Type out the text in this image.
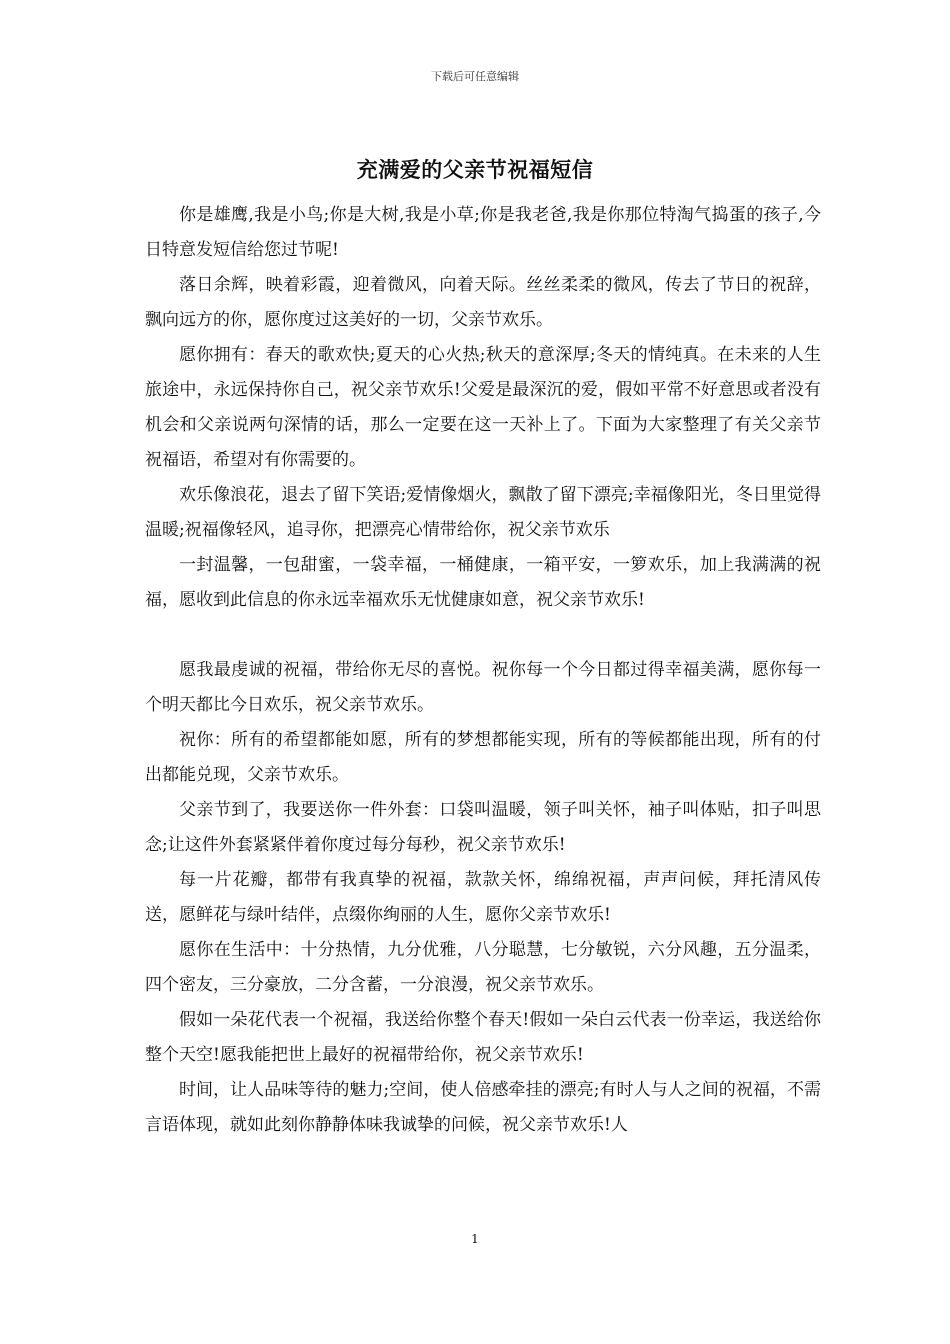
下载后可任意编辑
充满爱的父亲节祝福短信

你是雄鹰,我是小鸟;你是大树,我是小草;你是我老爸,我是你那位特淘气捣蛋的孩子,今日特意发短信给您过节呢!

落日余辉，映着彩霞，迎着微风，向着天际。丝丝柔柔的微风，传去了节日的祝辞，飘向远方的你，愿你度过这美好的一切，父亲节欢乐。

愿你拥有：春天的歌欢快;夏天的心火热;秋天的意深厚;冬天的情纯真。在未来的人生旅途中，永远保持你自己，祝父亲节欢乐!父爱是最深沉的爱，假如平常不好意思或者没有机会和父亲说两句深情的话，那么一定要在这一天补上了。下面为大家整理了有关父亲节祝福语，希望对有你需要的。

欢乐像浪花，退去了留下笑语;爱情像烟火，飘散了留下漂亮;幸福像阳光，冬日里觉得温暖;祝福像轻风，追寻你，把漂亮心情带给你，祝父亲节欢乐

一封温馨，一包甜蜜，一袋幸福，一桶健康，一箱平安，一箩欢乐，加上我满满的祝福，愿收到此信息的你永远幸福欢乐无忧健康如意，祝父亲节欢乐!

愿我最虔诚的祝福，带给你无尽的喜悦。祝你每一个今日都过得幸福美满，愿你每一个明天都比今日欢乐，祝父亲节欢乐。

祝你：所有的希望都能如愿，所有的梦想都能实现，所有的等候都能出现，所有的付出都能兑现，父亲节欢乐。

父亲节到了，我要送你一件外套：口袋叫温暖，领子叫关怀，袖子叫体贴，扣子叫思念;让这件外套紧紧伴着你度过每分每秒，祝父亲节欢乐!

每一片花瓣，都带有我真挚的祝福，款款关怀，绵绵祝福，声声问候，拜托清风传送，愿鲜花与绿叶结伴，点缀你绚丽的人生，愿你父亲节欢乐!

愿你在生活中：十分热情，九分优雅，八分聪慧，七分敏锐，六分风趣，五分温柔，四个密友，三分豪放，二分含蓄，一分浪漫，祝父亲节欢乐。

假如一朵花代表一个祝福，我送给你整个春天!假如一朵白云代表一份幸运，我送给你整个天空!愿我能把世上最好的祝福带给你，祝父亲节欢乐!

时间，让人品味等待的魅力;空间，使人倍感牵挂的漂亮;有时人与人之间的祝福，不需言语体现，就如此刻你静静体味我诚挚的问候，祝父亲节欢乐!人

1
